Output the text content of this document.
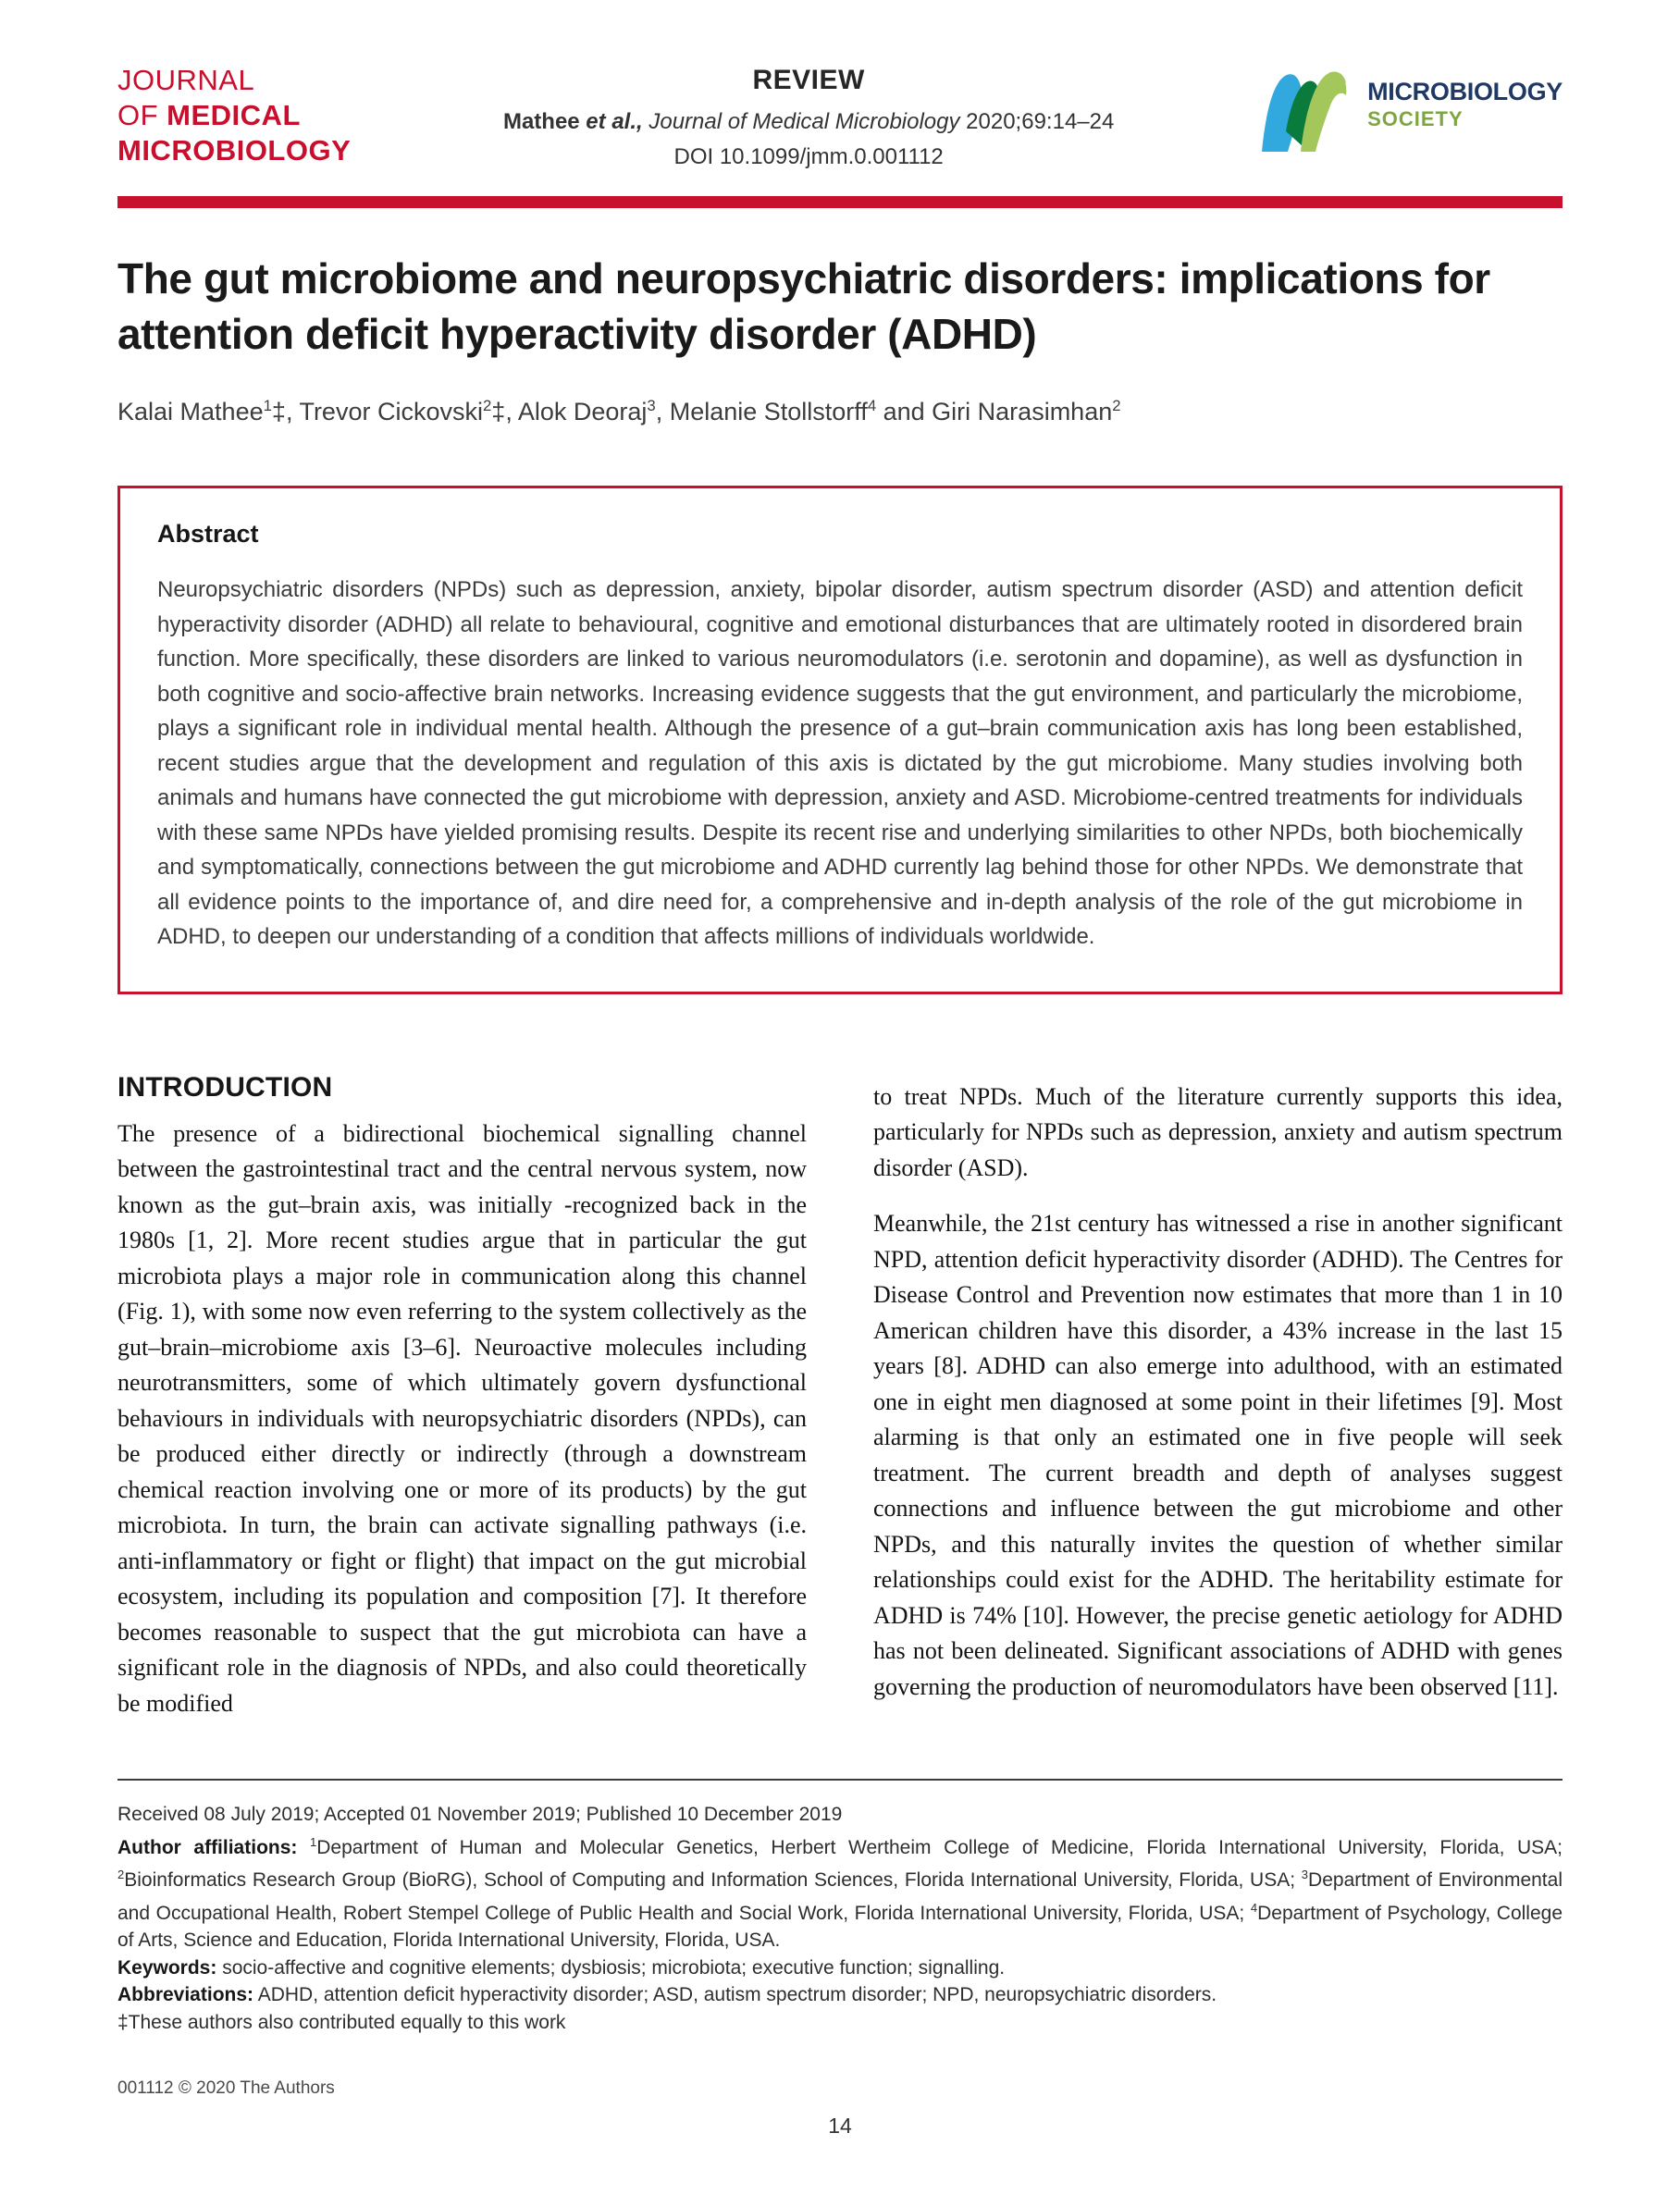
JOURNAL
OF MEDICAL
MICROBIOLOGY
REVIEW
Mathee et al., Journal of Medical Microbiology 2020;69:14–24
DOI 10.1099/jmm.0.001112
MICROBIOLOGY
SOCIETY
The gut microbiome and neuropsychiatric disorders: implications for attention deficit hyperactivity disorder (ADHD)
Kalai Mathee$^1$‡, Trevor Cickovski$^2$‡, Alok Deoraj$^3$, Melanie Stollstorff$^4$ and Giri Narasimhan$^2$
Abstract
Neuropsychiatric disorders (NPDs) such as depression, anxiety, bipolar disorder, autism spectrum disorder (ASD) and attention deficit hyperactivity disorder (ADHD) all relate to behavioural, cognitive and emotional disturbances that are ultimately rooted in disordered brain function. More specifically, these disorders are linked to various neuromodulators (i.e. serotonin and dopamine), as well as dysfunction in both cognitive and socio-affective brain networks. Increasing evidence suggests that the gut environment, and particularly the microbiome, plays a significant role in individual mental health. Although the presence of a gut–brain communication axis has long been established, recent studies argue that the development and regulation of this axis is dictated by the gut microbiome. Many studies involving both animals and humans have connected the gut microbiome with depression, anxiety and ASD. Microbiome-centred treatments for individuals with these same NPDs have yielded promising results. Despite its recent rise and underlying similarities to other NPDs, both biochemically and symptomatically, connections between the gut microbiome and ADHD currently lag behind those for other NPDs. We demonstrate that all evidence points to the importance of, and dire need for, a comprehensive and in-depth analysis of the role of the gut microbiome in ADHD, to deepen our understanding of a condition that affects millions of individuals worldwide.
INTRODUCTION

The presence of a bidirectional biochemical signalling channel between the gastrointestinal tract and the central nervous system, now known as the gut–brain axis, was initially -recognized back in the 1980s [1, 2]. More recent studies argue that in particular the gut microbiota plays a major role in communication along this channel (Fig. 1), with some now even referring to the system collectively as the gut–brain–microbiome axis [3–6]. Neuroactive molecules including neurotransmitters, some of which ultimately govern dysfunctional behaviours in individuals with neuropsychiatric disorders (NPDs), can be produced either directly or indirectly (through a downstream chemical reaction involving one or more of its products) by the gut microbiota. In turn, the brain can activate signalling pathways (i.e. anti-inflammatory or fight or flight) that impact on the gut microbial ecosystem, including its population and composition [7]. It therefore becomes reasonable to suspect that the gut microbiota can have a significant role in the diagnosis of NPDs, and also could theoretically be modified

to treat NPDs. Much of the literature currently supports this idea, particularly for NPDs such as depression, anxiety and autism spectrum disorder (ASD).

Meanwhile, the 21st century has witnessed a rise in another significant NPD, attention deficit hyperactivity disorder (ADHD). The Centres for Disease Control and Prevention now estimates that more than 1 in 10 American children have this disorder, a 43% increase in the last 15 years [8]. ADHD can also emerge into adulthood, with an estimated one in eight men diagnosed at some point in their lifetimes [9]. Most alarming is that only an estimated one in five people will seek treatment. The current breadth and depth of analyses suggest connections and influence between the gut microbiome and other NPDs, and this naturally invites the question of whether similar relationships could exist for the ADHD. The heritability estimate for ADHD is 74% [10]. However, the precise genetic aetiology for ADHD has not been delineated. Significant associations of ADHD with genes governing the production of neuromodulators have been observed [11].

Received 08 July 2019; Accepted 01 November 2019; Published 10 December 2019

Author affiliations: $^1$Department of Human and Molecular Genetics, Herbert Wertheim College of Medicine, Florida International University, Florida, USA; $^2$Bioinformatics Research Group (BioRG), School of Computing and Information Sciences, Florida International University, Florida, USA; $^3$Department of Environmental and Occupational Health, Robert Stempel College of Public Health and Social Work, Florida International University, Florida, USA; $^4$Department of Psychology, College of Arts, Science and Education, Florida International University, Florida, USA.

Keywords: socio-affective and cognitive elements; dysbiosis; microbiota; executive function; signalling.

Abbreviations: ADHD, attention deficit hyperactivity disorder; ASD, autism spectrum disorder; NPD, neuropsychiatric disorders.

‡These authors also contributed equally to this work

001112 © 2020 The Authors
14
